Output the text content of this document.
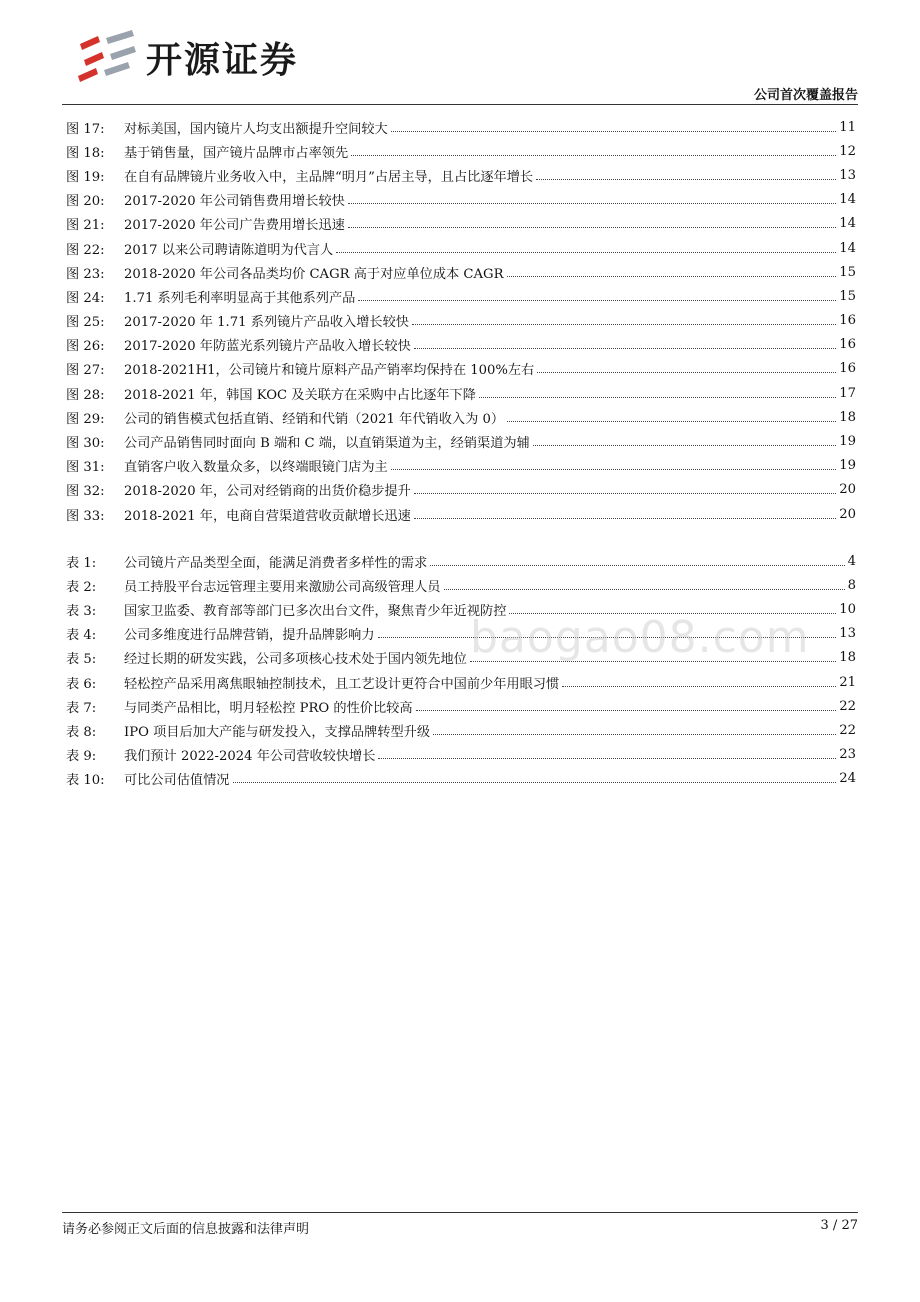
开源证券
公司首次覆盖报告
图 17:	对标美国，国内镜片人均支出额提升空间较大	11
图 18:	基于销售量，国产镜片品牌市占率领先	12
图 19:	在自有品牌镜片业务收入中，主品牌“明月”占居主导，且占比逐年增长	13
图 20:	2017-2020 年公司销售费用增长较快	14
图 21:	2017-2020 年公司广告费用增长迅速	14
图 22:	2017 以来公司聘请陈道明为代言人	14
图 23:	2018-2020 年公司各品类均价 CAGR 高于对应单位成本 CAGR	15
图 24:	1.71 系列毛利率明显高于其他系列产品	15
图 25:	2017-2020 年 1.71 系列镜片产品收入增长较快	16
图 26:	2017-2020 年防蓝光系列镜片产品收入增长较快	16
图 27:	2018-2021H1，公司镜片和镜片原料产品产销率均保持在 100%左右	16
图 28:	2018-2021 年，韩国 KOC 及关联方在采购中占比逐年下降	17
图 29:	公司的销售模式包括直销、经销和代销（2021 年代销收入为 0）	18
图 30:	公司产品销售同时面向 B 端和 C 端，以直销渠道为主，经销渠道为辅	19
图 31:	直销客户收入数量众多，以终端眼镜门店为主	19
图 32:	2018-2020 年，公司对经销商的出货价稳步提升	20
图 33:	2018-2021 年，电商自营渠道营收贡献增长迅速	20
表 1:	公司镜片产品类型全面，能满足消费者多样性的需求	4
表 2:	员工持股平台志远管理主要用来激励公司高级管理人员	8
表 3:	国家卫监委、教育部等部门已多次出台文件，聚焦青少年近视防控	10
表 4:	公司多维度进行品牌营销，提升品牌影响力	13
表 5:	经过长期的研发实践，公司多项核心技术处于国内领先地位	18
表 6:	轻松控产品采用离焦眼轴控制技术，且工艺设计更符合中国前少年用眼习惯	21
表 7:	与同类产品相比，明月轻松控 PRO 的性价比较高	22
表 8:	IPO 项目后加大产能与研发投入，支撑品牌转型升级	22
表 9:	我们预计 2022-2024 年公司营收较快增长	23
表 10:	可比公司估值情况	24
baogao08.com
请务必参阅正文后面的信息披露和法律声明	3 / 27
